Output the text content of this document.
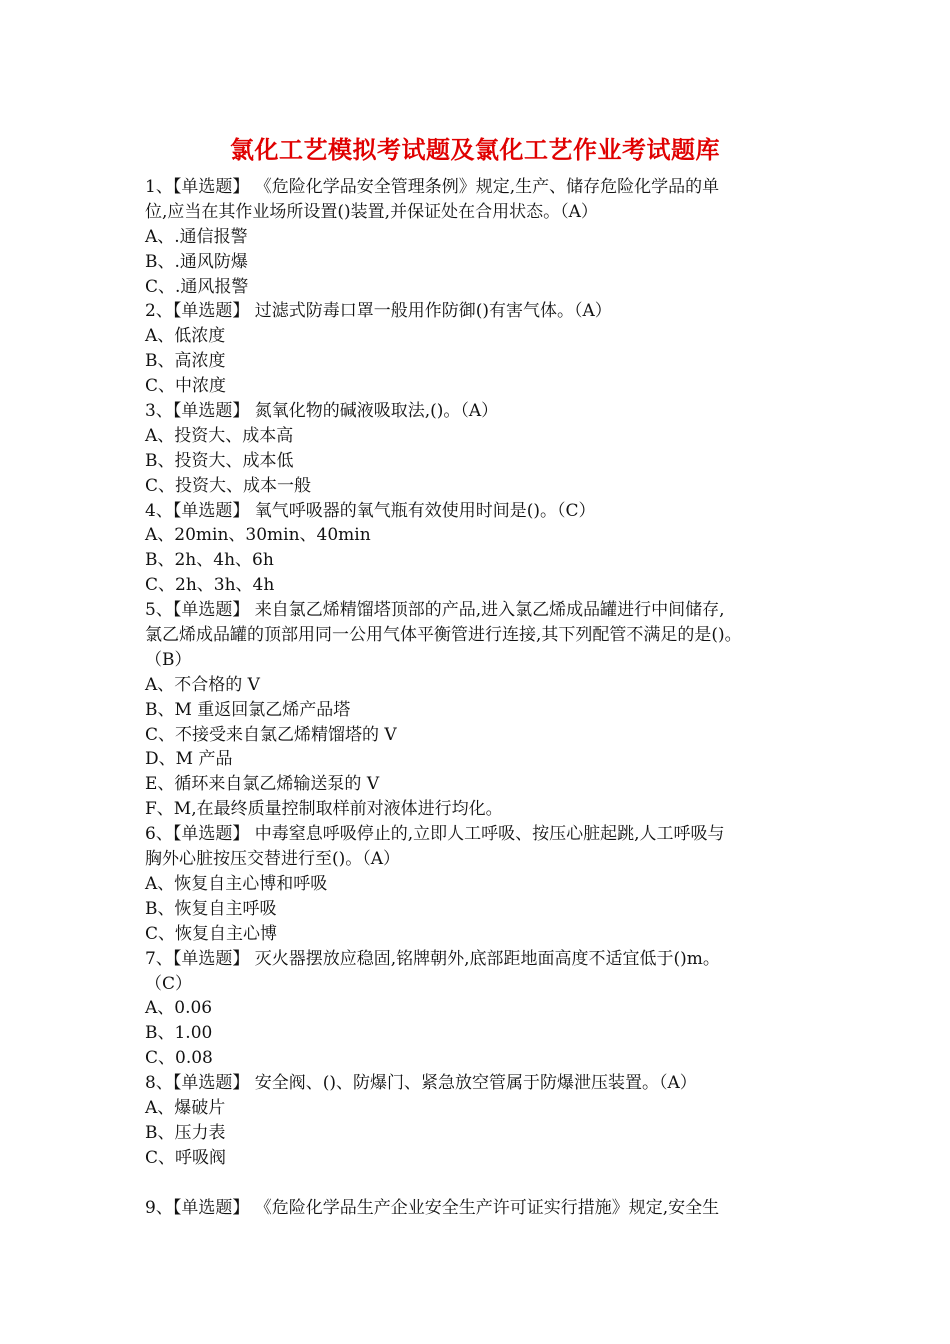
氯化工艺模拟考试题及氯化工艺作业考试题库
1、【单选题】 《危险化学品安全管理条例》规定,生产、储存危险化学品的单
位,应当在其作业场所设置()装置,并保证处在合用状态。（A）
A、.通信报警
B、.通风防爆
C、.通风报警
2、【单选题】 过滤式防毒口罩一般用作防御()有害气体。（A）
A、低浓度
B、高浓度
C、中浓度
3、【单选题】 氮氧化物的碱液吸取法,()。（A）
A、投资大、成本高
B、投资大、成本低
C、投资大、成本一般
4、【单选题】 氧气呼吸器的氧气瓶有效使用时间是()。（C）
A、20min、30min、40min
B、2h、4h、6h
C、2h、3h、4h
5、【单选题】 来自氯乙烯精馏塔顶部的产品,进入氯乙烯成品罐进行中间储存,
氯乙烯成品罐的顶部用同一公用气体平衡管进行连接,其下列配管不满足的是()。
（B）
A、不合格的 V
B、M 重返回氯乙烯产品塔
C、不接受来自氯乙烯精馏塔的 V
D、M 产品
E、循环来自氯乙烯输送泵的 V
F、M,在最终质量控制取样前对液体进行均化。
6、【单选题】 中毒窒息呼吸停止的,立即人工呼吸、按压心脏起跳,人工呼吸与
胸外心脏按压交替进行至()。（A）
A、恢复自主心博和呼吸
B、恢复自主呼吸
C、恢复自主心博
7、【单选题】 灭火器摆放应稳固,铭牌朝外,底部距地面高度不适宜低于()m。
（C）
A、0.06
B、1.00
C、0.08
8、【单选题】 安全阀、()、防爆门、紧急放空管属于防爆泄压装置。（A）
A、爆破片
B、压力表
C、呼吸阀
9、【单选题】 《危险化学品生产企业安全生产许可证实行措施》规定,安全生
